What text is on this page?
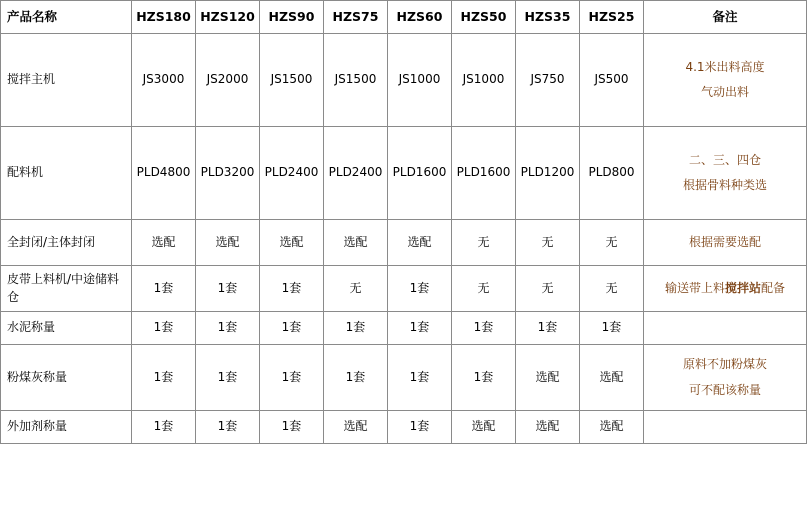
产品名称	HZS180	HZS120	HZS90	HZS75	HZS60	HZS50	HZS35	HZS25	备注
搅拌主机	JS3000	JS2000	JS1500	JS1500	JS1000	JS1000	JS750	JS500	4.1米出料高度
气动出料

配料机	PLD4800	PLD3200	PLD2400	PLD2400	PLD1600	PLD1600	PLD1200	PLD800	二、三、四仓
根据骨料种类选

全封闭/主体封闭	选配	选配	选配	选配	选配	无	无	无	根据需要选配

皮带上料机/中途储料仓	1套	1套	1套	无	1套	无	无	无	输送带上料搅拌站配备

水泥称量	1套	1套	1套	1套	1套	1套	1套	1套	
粉煤灰称量	1套	1套	1套	1套	1套	1套	选配	选配	原料不加粉煤灰
可不配该称量

外加剂称量	1套	1套	1套	选配	1套	选配	选配	选配	
